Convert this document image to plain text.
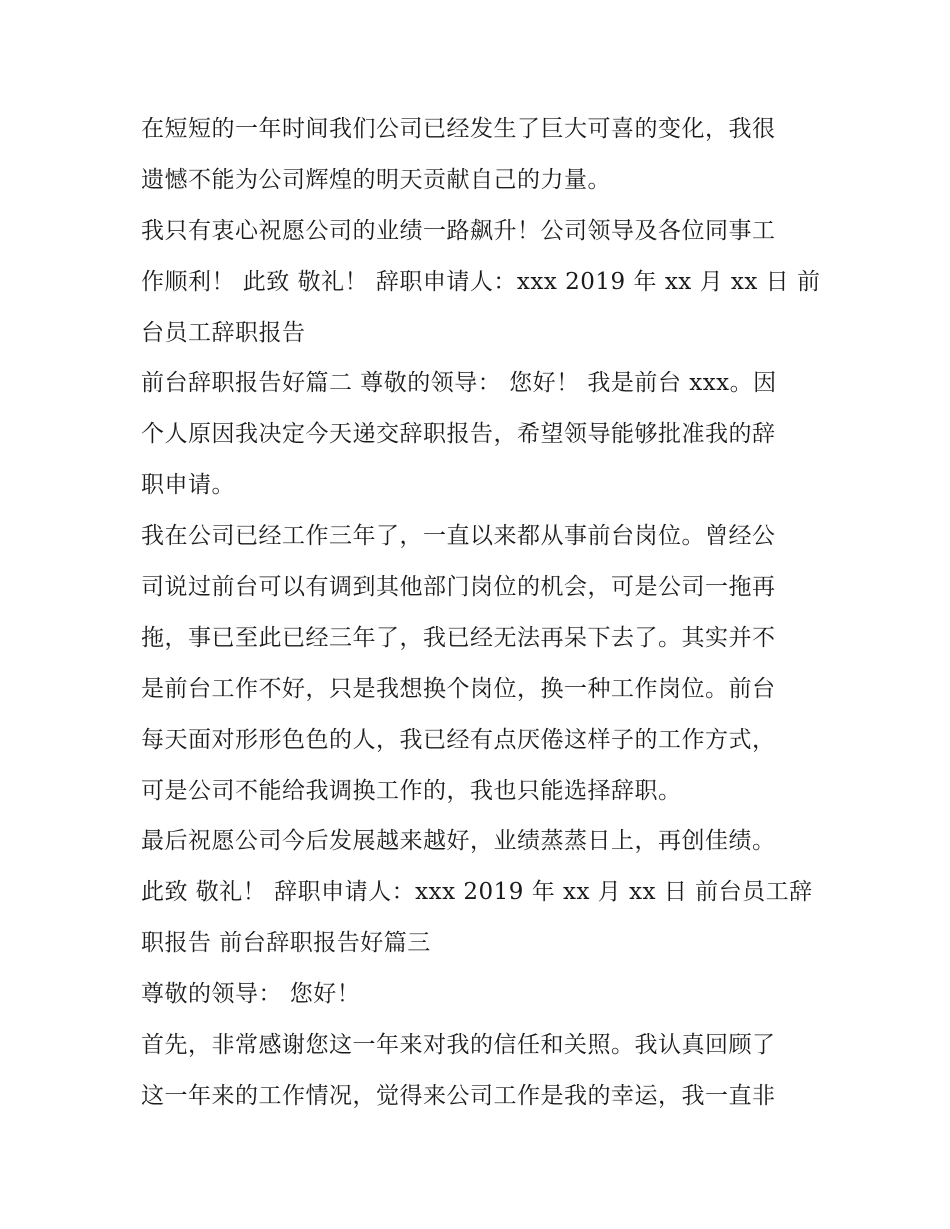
在短短的一年时间我们公司已经发生了巨大可喜的变化，我很
遗憾不能为公司辉煌的明天贡献自己的力量。

我只有衷心祝愿公司的业绩一路飙升！公司领导及各位同事工
作顺利！ 此致 敬礼！ 辞职申请人：xxx 2019 年 xx 月 xx 日 前
台员工辞职报告

前台辞职报告好篇二 尊敬的领导： 您好！ 我是前台 xxx。因
个人原因我决定今天递交辞职报告，希望领导能够批准我的辞
职申请。

我在公司已经工作三年了，一直以来都从事前台岗位。曾经公
司说过前台可以有调到其他部门岗位的机会，可是公司一拖再
拖，事已至此已经三年了，我已经无法再呆下去了。其实并不
是前台工作不好，只是我想换个岗位，换一种工作岗位。前台
每天面对形形色色的人，我已经有点厌倦这样子的工作方式，
可是公司不能给我调换工作的，我也只能选择辞职。

最后祝愿公司今后发展越来越好，业绩蒸蒸日上，再创佳绩。
此致 敬礼！ 辞职申请人：xxx 2019 年 xx 月 xx 日 前台员工辞
职报告 前台辞职报告好篇三

尊敬的领导： 您好！

首先，非常感谢您这一年来对我的信任和关照。我认真回顾了
这一年来的工作情况，觉得来公司工作是我的幸运，我一直非
